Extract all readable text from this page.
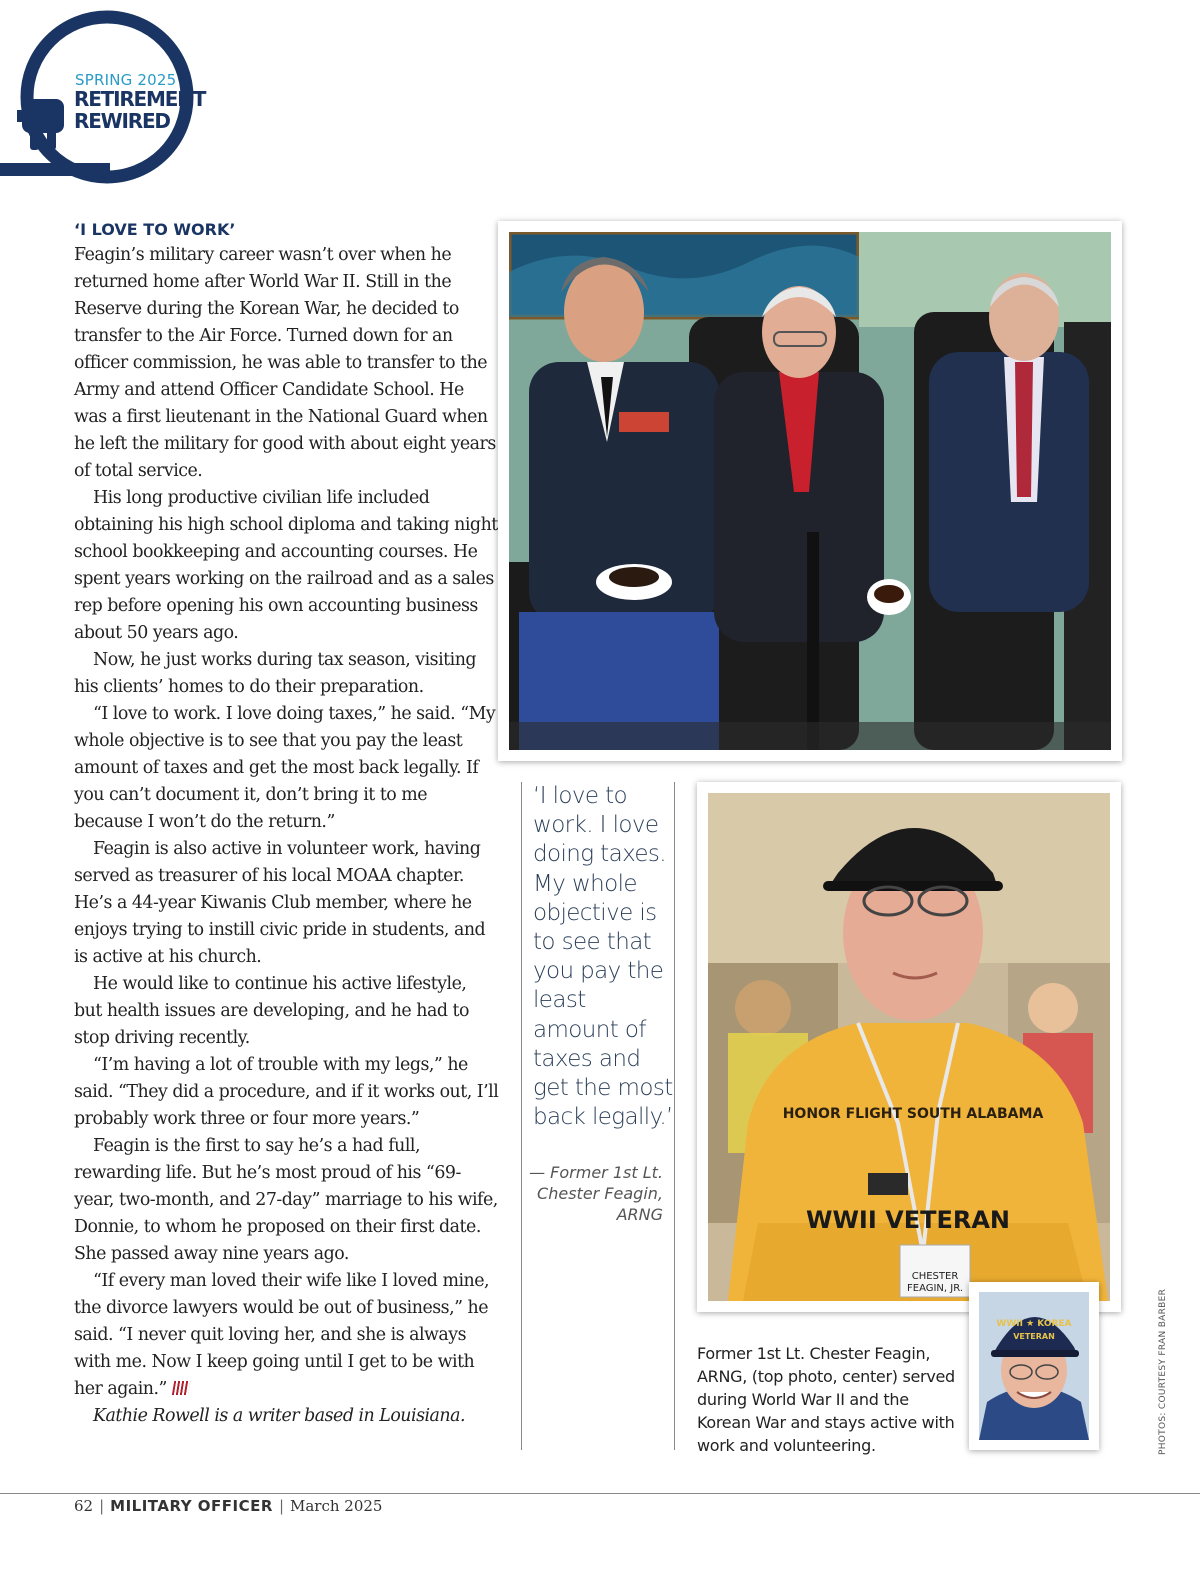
SPRING 2025
RETIREMENT
REWIRED
‘I LOVE TO WORK’

Feagin’s military career wasn’t over when he returned home after World War II. Still in the Reserve during the Korean War, he decided to transfer to the Air Force. Turned down for an officer commission, he was able to transfer to the Army and attend Officer Candidate School. He was a first lieutenant in the National Guard when he left the military for good with about eight years of total service.

His long productive civilian life included obtaining his high school diploma and taking night school bookkeeping and accounting courses. He spent years working on the railroad and as a sales rep before opening his own accounting business about 50 years ago.

Now, he just works during tax season, visiting his clients’ homes to do their preparation.

“I love to work. I love doing taxes,” he said. “My whole objective is to see that you pay the least amount of taxes and get the most back legally. If you can’t document it, don’t bring it to me because I won’t do the return.”

Feagin is also active in volunteer work, having served as treasurer of his local MOAA chapter. He’s a 44-year Kiwanis Club member, where he enjoys trying to instill civic pride in students, and is active at his church.

He would like to continue his active lifestyle, but health issues are developing, and he had to stop driving recently.

“I’m having a lot of trouble with my legs,” he said. “They did a procedure, and if it works out, I’ll probably work three or four more years.”

Feagin is the first to say he’s a had full, rewarding life. But he’s most proud of his “69-year, two-month, and 27-day” marriage to his wife, Donnie, to whom he proposed on their first date. She passed away nine years ago.

“If every man loved their wife like I loved mine, the divorce lawyers would be out of business,” he said. “I never quit loving her, and she is always with me. Now I keep going until I get to be with her again.”

Kathie Rowell is a writer based in Louisiana.

‘I love to work. I love doing taxes. My whole objective is to see that you pay the least amount of taxes and get the most back legally.’
— Former 1st Lt. Chester Feagin, ARNG
HONOR FLIGHT SOUTH ALABAMA
WWII VETERAN
CHESTER
FEAGIN, JR.
WWII ★ KOREA
VETERAN
Former 1st Lt. Chester Feagin, ARNG, (top photo, center) served during World War II and the Korean War and stays active with work and volunteering.	PHOTOS: COURTESY FRAN BARBER
62 | MILITARY OFFICER | March 2025
